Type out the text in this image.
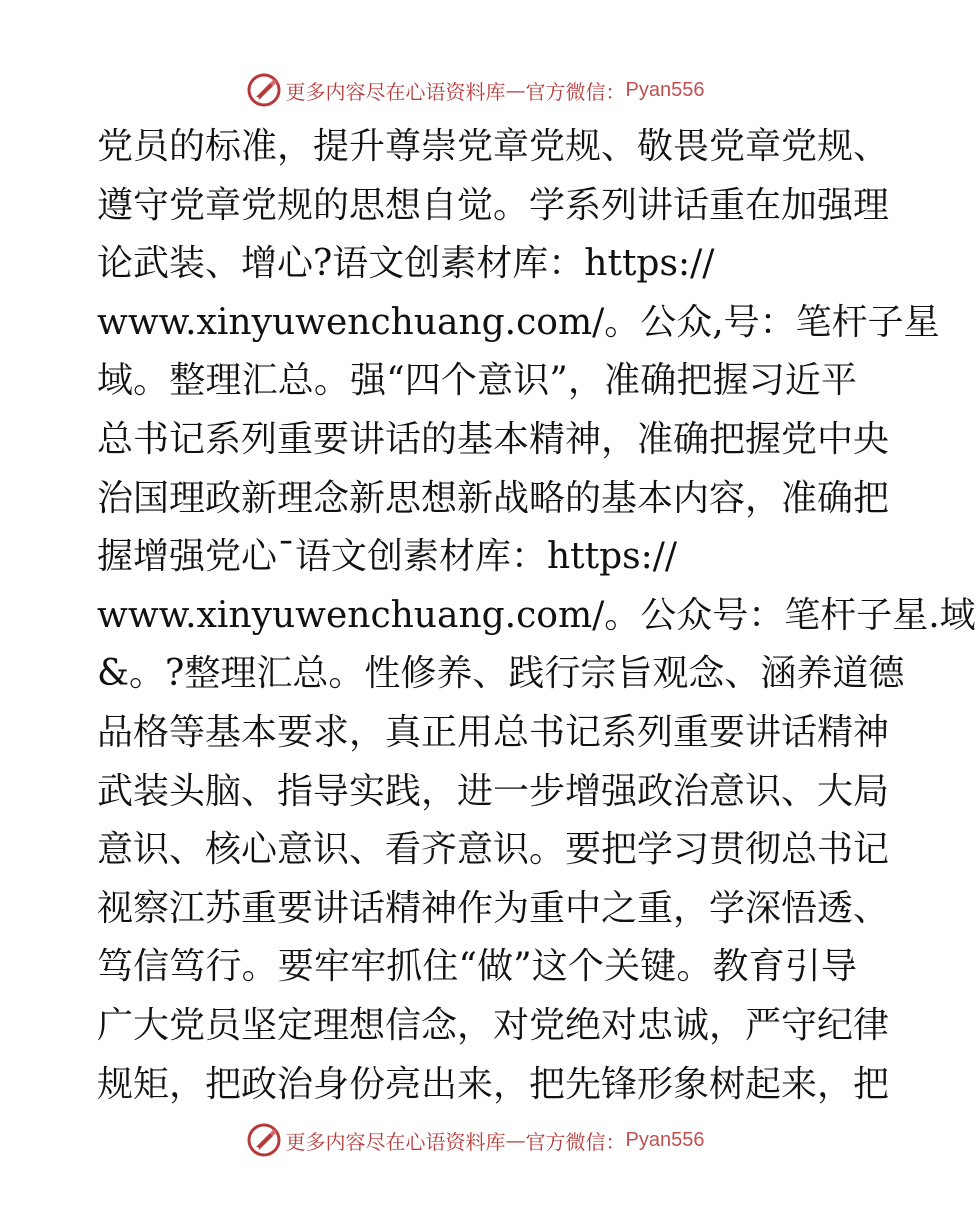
更多内容尽在心语资料库 — 官方微信： Pyan556
党员的标准，提升尊崇党章党规、敬畏党章党规、
遵守党章党规的思想自觉。学系列讲话重在加强理
论武装、增心?语文创素材库：https://
www.xinyuwenchuang.com/。公众,号：笔杆子星
域。整理汇总。强“四个意识”，准确把握习近平
总书记系列重要讲话的基本精神，准确把握党中央
治国理政新理念新思想新战略的基本内容，准确把
握增强党心¯语文创素材库：https://
www.xinyuwenchuang.com/。公众号：笔杆子星.域
&。?整理汇总。性修养、践行宗旨观念、涵养道德
品格等基本要求，真正用总书记系列重要讲话精神
武装头脑、指导实践，进一步增强政治意识、大局
意识、核心意识、看齐意识。要把学习贯彻总书记
视察江苏重要讲话精神作为重中之重，学深悟透、
笃信笃行。要牢牢抓住“做”这个关键。教育引导
广大党员坚定理想信念，对党绝对忠诚，严守纪律
规矩，把政治身份亮出来，把先锋形象树起来，把
更多内容尽在心语资料库 — 官方微信： Pyan556
